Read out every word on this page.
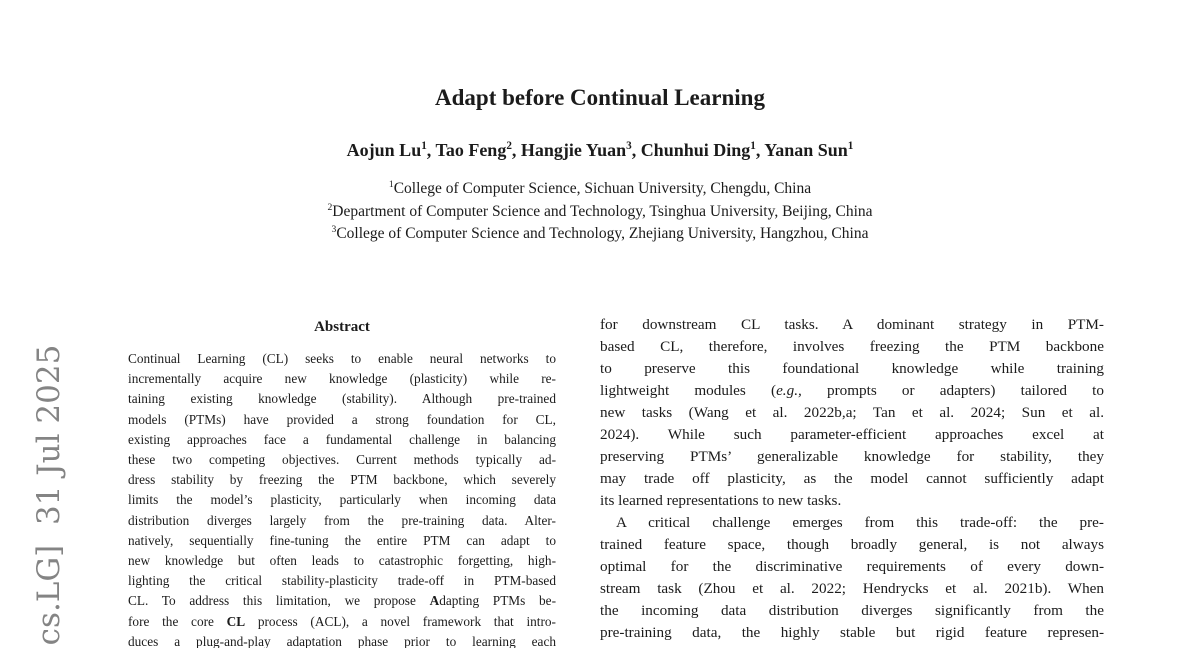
cs.LG]  31 Jul 2025
Adapt before Continual Learning
Aojun Lu$^1$, Tao Feng$^2$, Hangjie Yuan$^3$, Chunhui Ding$^1$, Yanan Sun$^1$
$^1$College of Computer Science, Sichuan University, Chengdu, China
$^2$Department of Computer Science and Technology, Tsinghua University, Beijing, China
$^3$College of Computer Science and Technology, Zhejiang University, Hangzhou, China
Abstract
Continual Learning (CL) seeks to enable neural networks to
incrementally acquire new knowledge (plasticity) while re-
taining existing knowledge (stability). Although pre-trained
models (PTMs) have provided a strong foundation for CL,
existing approaches face a fundamental challenge in balancing
these two competing objectives. Current methods typically ad-
dress stability by freezing the PTM backbone, which severely
limits the model’s plasticity, particularly when incoming data
distribution diverges largely from the pre-training data. Alter-
natively, sequentially fine-tuning the entire PTM can adapt to
new knowledge but often leads to catastrophic forgetting, high-
lighting the critical stability-plasticity trade-off in PTM-based
CL. To address this limitation, we propose Adapting PTMs be-
fore the core CL process (ACL), a novel framework that intro-
duces a plug-and-play adaptation phase prior to learning each
for downstream CL tasks. A dominant strategy in PTM-
based CL, therefore, involves freezing the PTM backbone
to preserve this foundational knowledge while training
lightweight modules (e.g., prompts or adapters) tailored to
new tasks (Wang et al. 2022b,a; Tan et al. 2024; Sun et al.
2024). While such parameter-efficient approaches excel at
preserving PTMs’ generalizable knowledge for stability, they
may trade off plasticity, as the model cannot sufficiently adapt
its learned representations to new tasks.
A critical challenge emerges from this trade-off: the pre-
trained feature space, though broadly general, is not always
optimal for the discriminative requirements of every down-
stream task (Zhou et al. 2022; Hendrycks et al. 2021b). When
the incoming data distribution diverges significantly from the
pre-training data, the highly stable but rigid feature represen-
